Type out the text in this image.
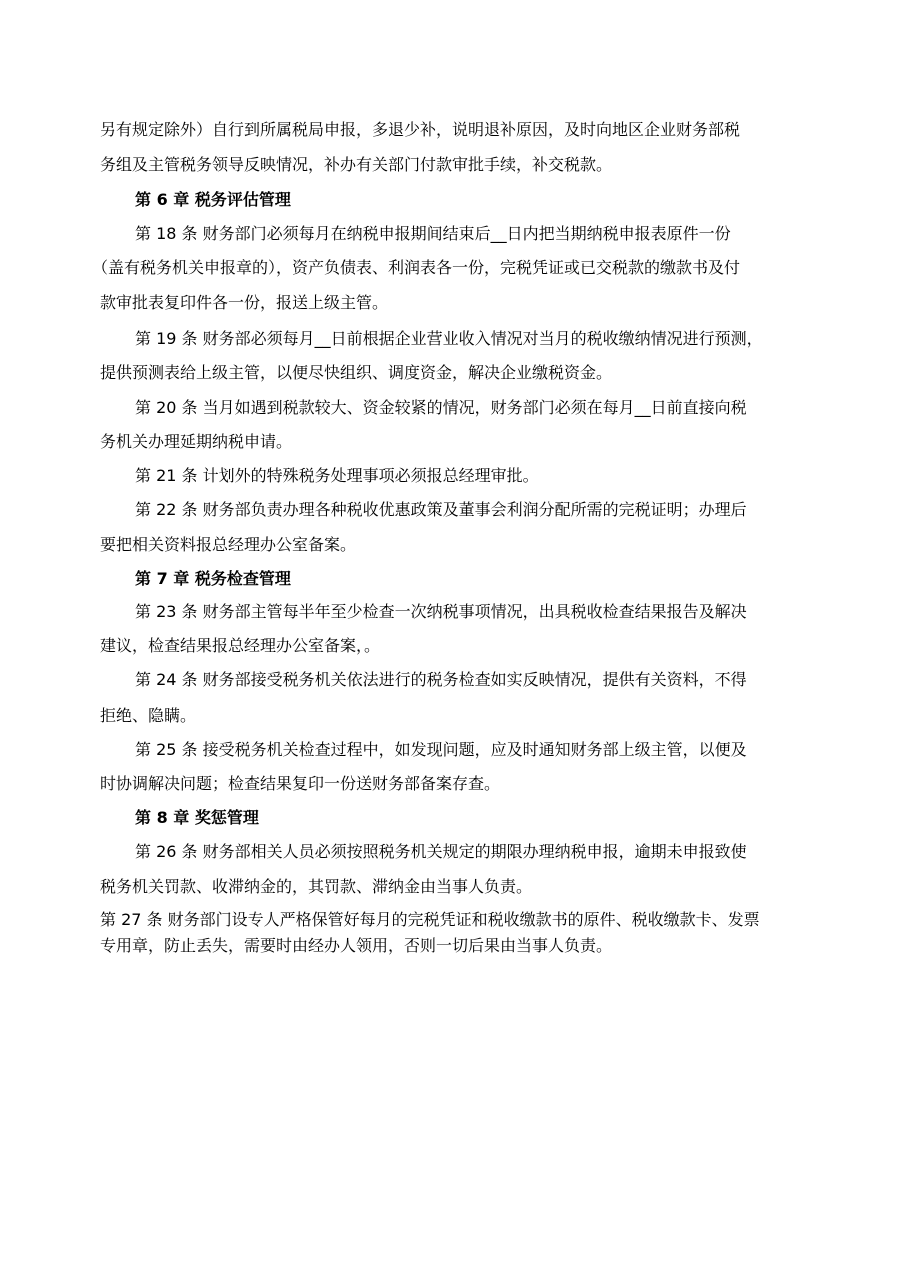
另有规定除外）自行到所属税局申报，多退少补，说明退补原因，及时向地区企业财务部税
务组及主管税务领导反映情况，补办有关部门付款审批手续，补交税款。
第 6 章 税务评估管理
第 18 条 财务部门必须每月在纳税申报期间结束后__日内把当期纳税申报表原件一份
（盖有税务机关申报章的），资产负债表、利润表各一份，完税凭证或已交税款的缴款书及付
款审批表复印件各一份，报送上级主管。
第 19 条 财务部必须每月__日前根据企业营业收入情况对当月的税收缴纳情况进行预测，
提供预测表给上级主管，以便尽快组织、调度资金，解决企业缴税资金。
第 20 条 当月如遇到税款较大、资金较紧的情况，财务部门必须在每月__日前直接向税
务机关办理延期纳税申请。
第 21 条 计划外的特殊税务处理事项必须报总经理审批。
第 22 条 财务部负责办理各种税收优惠政策及董事会利润分配所需的完税证明；办理后
要把相关资料报总经理办公室备案。
第 7 章 税务检查管理
第 23 条 财务部主管每半年至少检查一次纳税事项情况，出具税收检查结果报告及解决
建议，检查结果报总经理办公室备案，。
第 24 条 财务部接受税务机关依法进行的税务检查如实反映情况，提供有关资料，不得
拒绝、隐瞒。
第 25 条 接受税务机关检查过程中，如发现问题，应及时通知财务部上级主管，以便及
时协调解决问题；检查结果复印一份送财务部备案存查。
第 8 章 奖惩管理
第 26 条 财务部相关人员必须按照税务机关规定的期限办理纳税申报，逾期未申报致使
税务机关罚款、收滞纳金的，其罚款、滞纳金由当事人负责。
第 27 条 财务部门设专人严格保管好每月的完税凭证和税收缴款书的原件、税收缴款卡、发票
专用章，防止丢失，需要时由经办人领用，否则一切后果由当事人负责。
